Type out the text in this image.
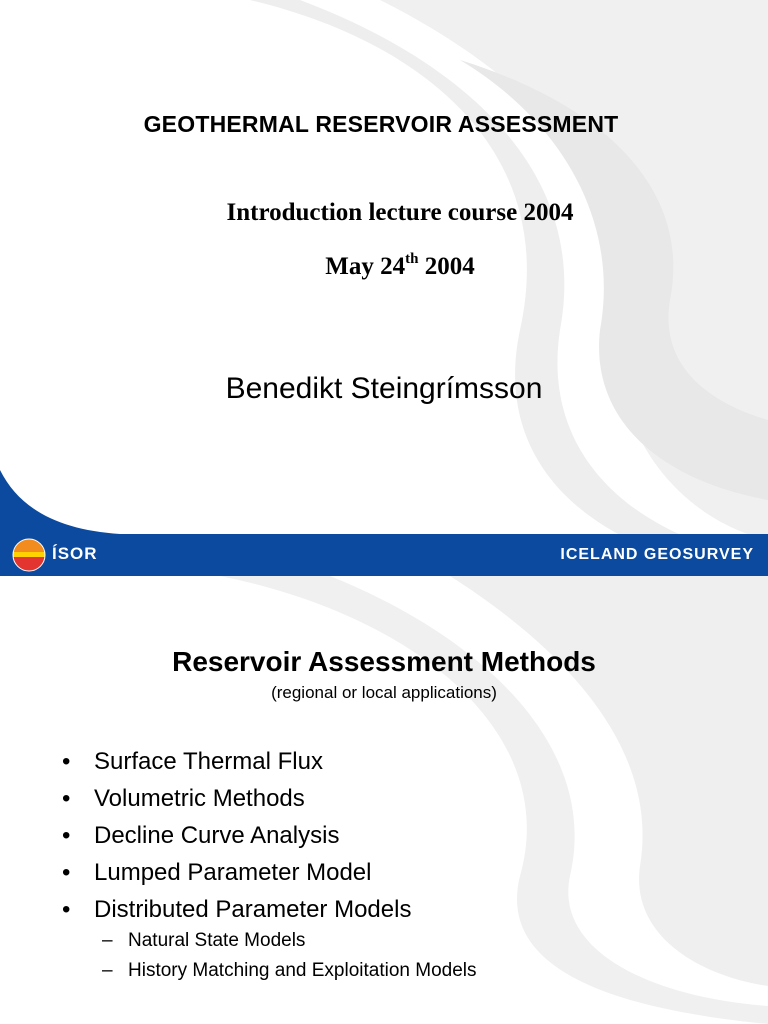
GEOTHERMAL RESERVOIR ASSESSMENT
Introduction lecture course 2004
May 24th 2004
Benedikt Steingrímsson
ÍSOR	ICELAND GEOSURVEY
Reservoir Assessment Methods
(regional or local applications)
• Surface Thermal Flux
• Volumetric Methods
• Decline Curve Analysis
• Lumped Parameter Model
• Distributed Parameter Models
– Natural State Models
– History Matching and Exploitation Models
